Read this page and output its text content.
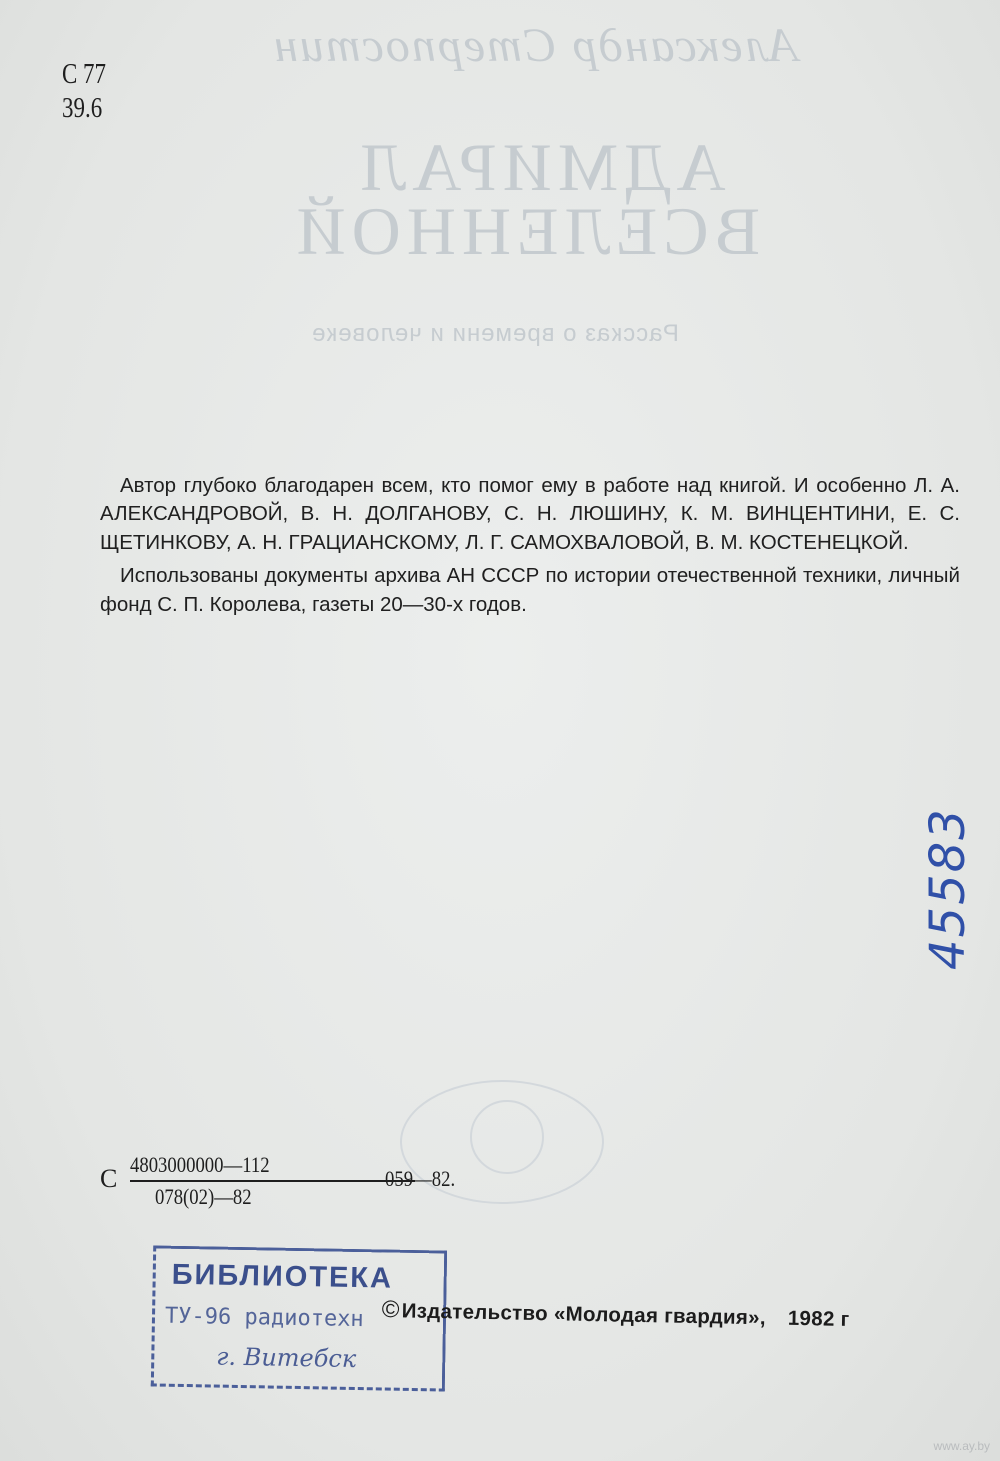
Александр Стерпостин
АДМИРАЛ
ВСЕЛЕННОЙ
Рассказ о времени и человеке
С 77
39.6

Автор глубоко благодарен всем, кто помог ему в работе над книгой. И особенно Л. А. АЛЕКСАНДРОВОЙ, В. Н. ДОЛГАНОВУ, С. Н. ЛЮШИНУ, К. М. ВИНЦЕНТИНИ, Е. С. ЩЕТИНКОВУ, А. Н. ГРАЦИАНСКОМУ, Л. Г. САМОХВАЛОВОЙ, В. М. КОСТЕНЕЦКОЙ.

Использованы документы архива АН СССР по истории отечественной техники, личный фонд С. П. Королева, газеты 20—30-х годов.

45583
С 4803000000—112
078(02)—82
059—82.
БИБЛИОТЕКА
ТУ-96 радиотехн
г. Витебск
©Издательство «Молодая гвардия», 1982 г
www.ay.by
